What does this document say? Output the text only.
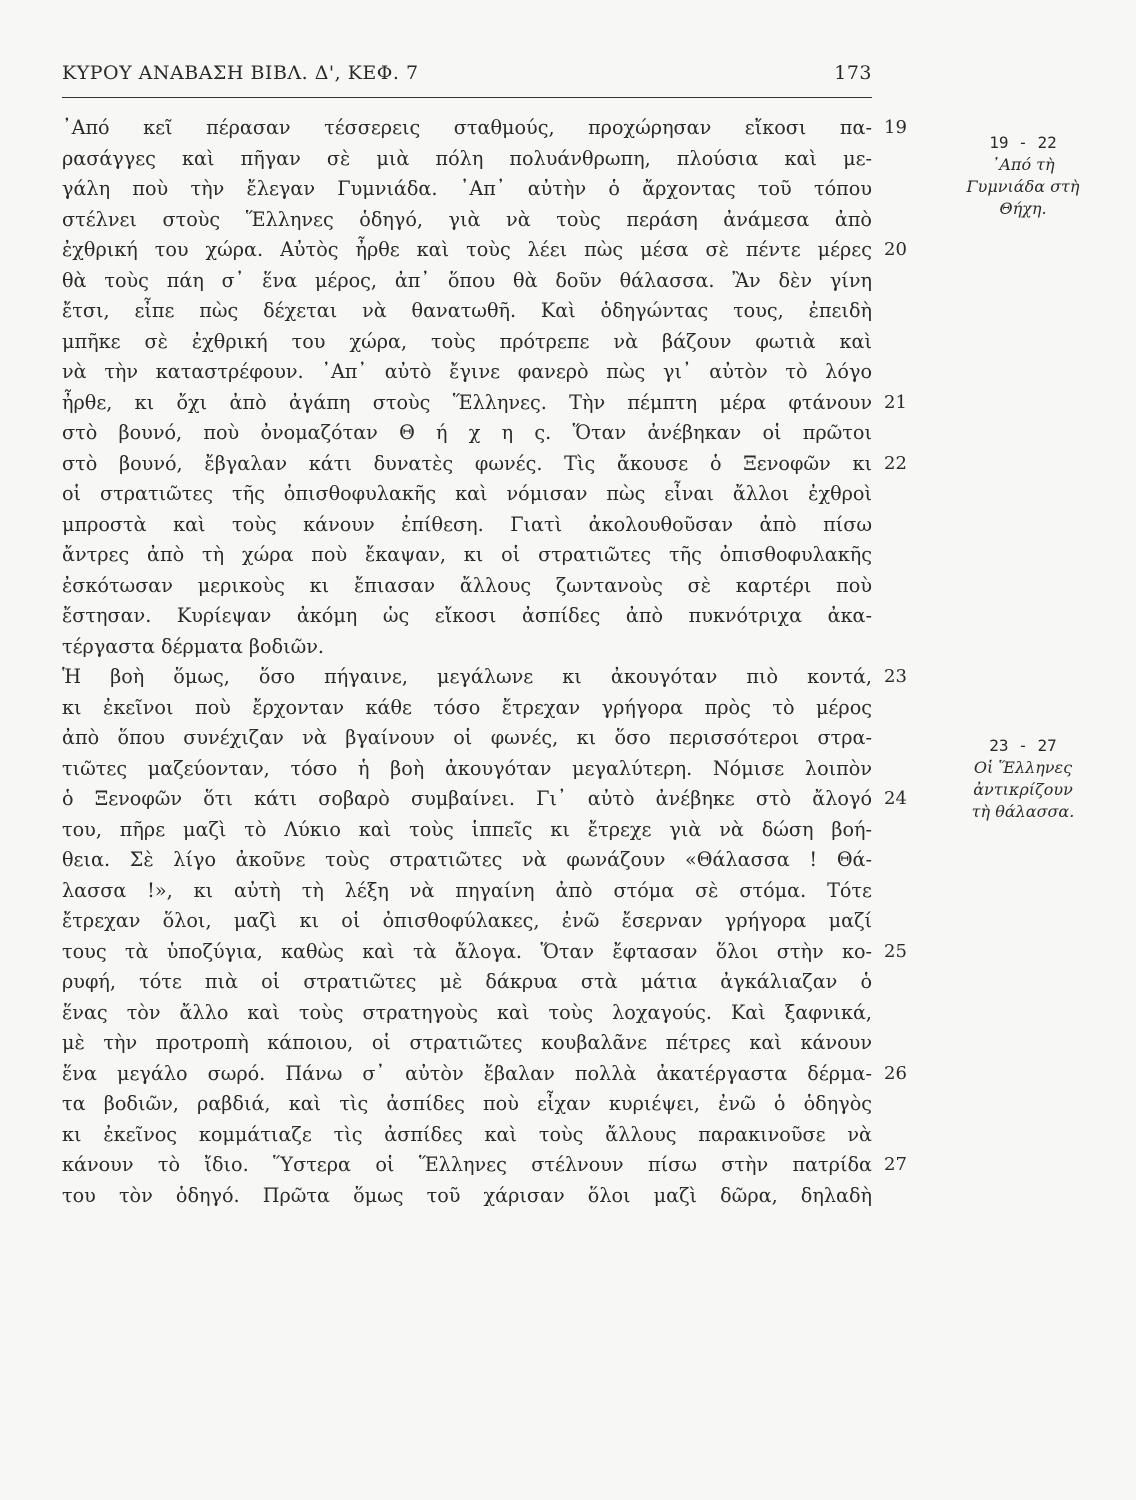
ΚΥΡΟΥ ΑΝΑΒΑΣΗ ΒΙΒΛ. Δ', ΚΕΦ. 7	173
᾿Από κεῖ πέρασαν τέσσερεις σταθμούς, προχώρησαν εἴκοσι πα- 19
ρασάγγες καὶ πῆγαν σὲ μιὰ πόλη πολυάνθρωπη, πλούσια καὶ με-
γάλη ποὺ τὴν ἔλεγαν Γυμνιάδα. ᾿Απ᾿ αὐτὴν ὁ ἄρχοντας τοῦ τόπου
στέλνει στοὺς Ἕλληνες ὁδηγό, γιὰ νὰ τοὺς περάση ἀνάμεσα ἀπὸ
ἐχθρική του χώρα. Αὐτὸς ἦρθε καὶ τοὺς λέει πὼς μέσα σὲ πέντε μέρες 20
θὰ τοὺς πάη σ᾿ ἕνα μέρος, ἀπ᾿ ὅπου θὰ δοῦν θάλασσα. Ἂν δὲν γίνη
ἔτσι, εἶπε πὼς δέχεται νὰ θανατωθῆ. Καὶ ὁδηγώντας τους, ἐπειδὴ
μπῆκε σὲ ἐχθρική του χώρα, τοὺς πρότρεπε νὰ βάζουν φωτιὰ καὶ
νὰ τὴν καταστρέφουν. ᾿Απ᾿ αὐτὸ ἔγινε φανερὸ πὼς γι᾿ αὐτὸν τὸ λόγο
ἦρθε, κι ὄχι ἀπὸ ἀγάπη στοὺς Ἕλληνες. Τὴν πέμπτη μέρα φτάνουν 21
στὸ βουνό, ποὺ ὀνομαζόταν Θ ή χ η ς. Ὅταν ἀνέβηκαν οἱ πρῶτοι
στὸ βουνό, ἔβγαλαν κάτι δυνατὲς φωνές. Τὶς ἄκουσε ὁ Ξενοφῶν κι 22
οἱ στρατιῶτες τῆς ὀπισθοφυλακῆς καὶ νόμισαν πὼς εἶναι ἄλλοι ἐχθροὶ
μπροστὰ καὶ τοὺς κάνουν ἐπίθεση. Γιατὶ ἀκολουθοῦσαν ἀπὸ πίσω
ἄντρες ἀπὸ τὴ χώρα ποὺ ἔκαψαν, κι οἱ στρατιῶτες τῆς ὀπισθοφυλακῆς
ἐσκότωσαν μερικοὺς κι ἔπιασαν ἄλλους ζωντανοὺς σὲ καρτέρι ποὺ
ἔστησαν. Κυρίεψαν ἀκόμη ὡς εἴκοσι ἀσπίδες ἀπὸ πυκνότριχα ἀκα-
τέργαστα δέρματα βοδιῶν.
Ἡ βοὴ ὅμως, ὅσο πήγαινε, μεγάλωνε κι ἀκουγόταν πιὸ κοντά, 23
κι ἐκεῖνοι ποὺ ἔρχονταν κάθε τόσο ἔτρεχαν γρήγορα πρὸς τὸ μέρος
ἀπὸ ὅπου συνέχιζαν νὰ βγαίνουν οἱ φωνές, κι ὅσο περισσότεροι στρα-
τιῶτες μαζεύονταν, τόσο ἡ βοὴ ἀκουγόταν μεγαλύτερη. Νόμισε λοιπὸν
ὁ Ξενοφῶν ὅτι κάτι σοβαρὸ συμβαίνει. Γι᾿ αὐτὸ ἀνέβηκε στὸ ἄλογό 24
του, πῆρε μαζὶ τὸ Λύκιο καὶ τοὺς ἱππεῖς κι ἔτρεχε γιὰ νὰ δώση βοή-
θεια. Σὲ λίγο ἀκοῦνε τοὺς στρατιῶτες νὰ φωνάζουν «Θάλασσα ! Θά-
λασσα !», κι αὐτὴ τὴ λέξη νὰ πηγαίνη ἀπὸ στόμα σὲ στόμα. Τότε
ἔτρεχαν ὅλοι, μαζὶ κι οἱ ὀπισθοφύλακες, ἐνῶ ἔσερναν γρήγορα μαζί
τους τὰ ὑποζύγια, καθὼς καὶ τὰ ἄλογα. Ὅταν ἔφτασαν ὅλοι στὴν κο- 25
ρυφή, τότε πιὰ οἱ στρατιῶτες μὲ δάκρυα στὰ μάτια ἀγκάλιαζαν ὁ
ἕνας τὸν ἄλλο καὶ τοὺς στρατηγοὺς καὶ τοὺς λοχαγούς. Καὶ ξαφνικά,
μὲ τὴν προτροπὴ κάποιου, οἱ στρατιῶτες κουβαλᾶνε πέτρες καὶ κάνουν
ἕνα μεγάλο σωρό. Πάνω σ᾿ αὐτὸν ἔβαλαν πολλὰ ἀκατέργαστα δέρμα- 26
τα βοδιῶν, ραβδιά, καὶ τὶς ἀσπίδες ποὺ εἶχαν κυριέψει, ἐνῶ ὁ ὁδηγὸς
κι ἐκεῖνος κομμάτιαζε τὶς ἀσπίδες καὶ τοὺς ἄλλους παρακινοῦσε νὰ
κάνουν τὸ ἴδιο. Ὕστερα οἱ Ἕλληνες στέλνουν πίσω στὴν πατρίδα 27
του τὸν ὁδηγό. Πρῶτα ὅμως τοῦ χάρισαν ὅλοι μαζὶ δῶρα, δηλαδὴ
19 - 22
᾿Από τὴ
Γυμνιάδα στὴ
Θήχη.
23 - 27
Οἱ Ἕλληνες
ἀντικρίζουν
τὴ θάλασσα.
